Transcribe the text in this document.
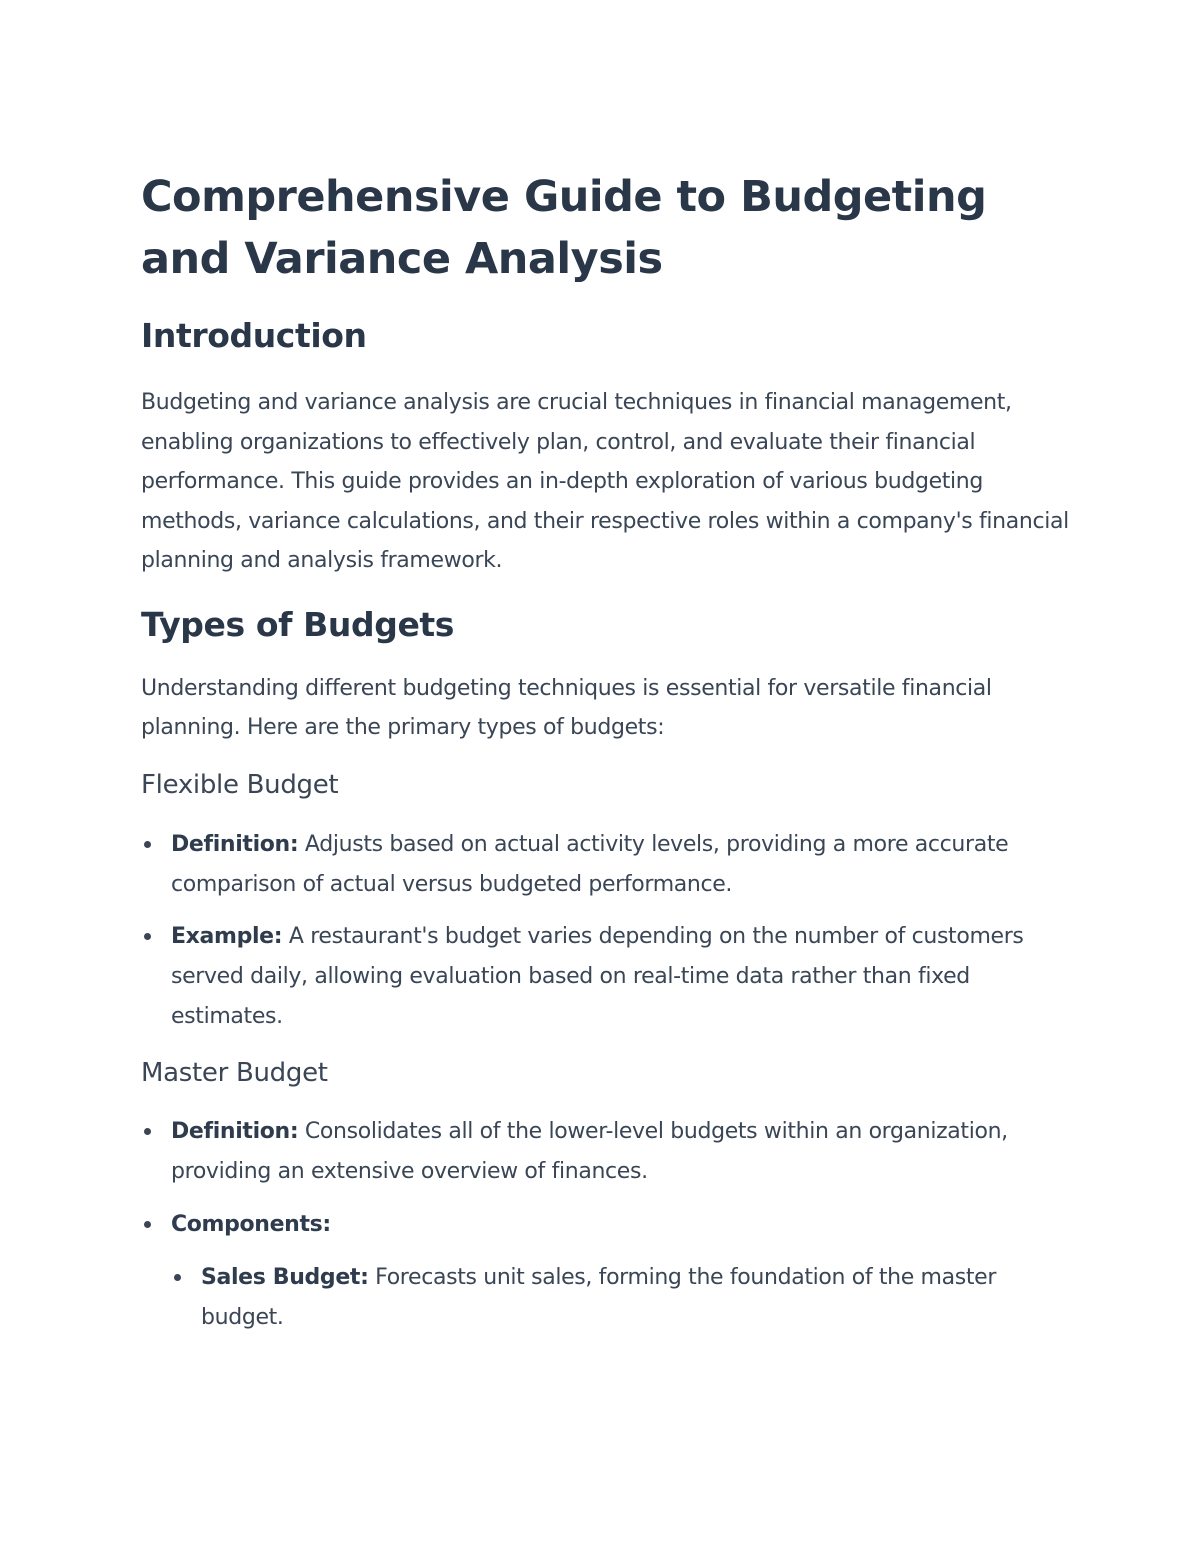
Comprehensive Guide to Budgeting and Variance Analysis
Introduction

Budgeting and variance analysis are crucial techniques in financial management, enabling organizations to effectively plan, control, and evaluate their financial performance. This guide provides an in-depth exploration of various budgeting methods, variance calculations, and their respective roles within a company's financial planning and analysis framework.

Types of Budgets

Understanding different budgeting techniques is essential for versatile financial planning. Here are the primary types of budgets:

Flexible Budget
Definition: Adjusts based on actual activity levels, providing a more accurate comparison of actual versus budgeted performance.
Example: A restaurant's budget varies depending on the number of customers served daily, allowing evaluation based on real-time data rather than fixed estimates.
Master Budget
Definition: Consolidates all of the lower-level budgets within an organization, providing an extensive overview of finances.
Components:
Sales Budget: Forecasts unit sales, forming the foundation of the master budget.
